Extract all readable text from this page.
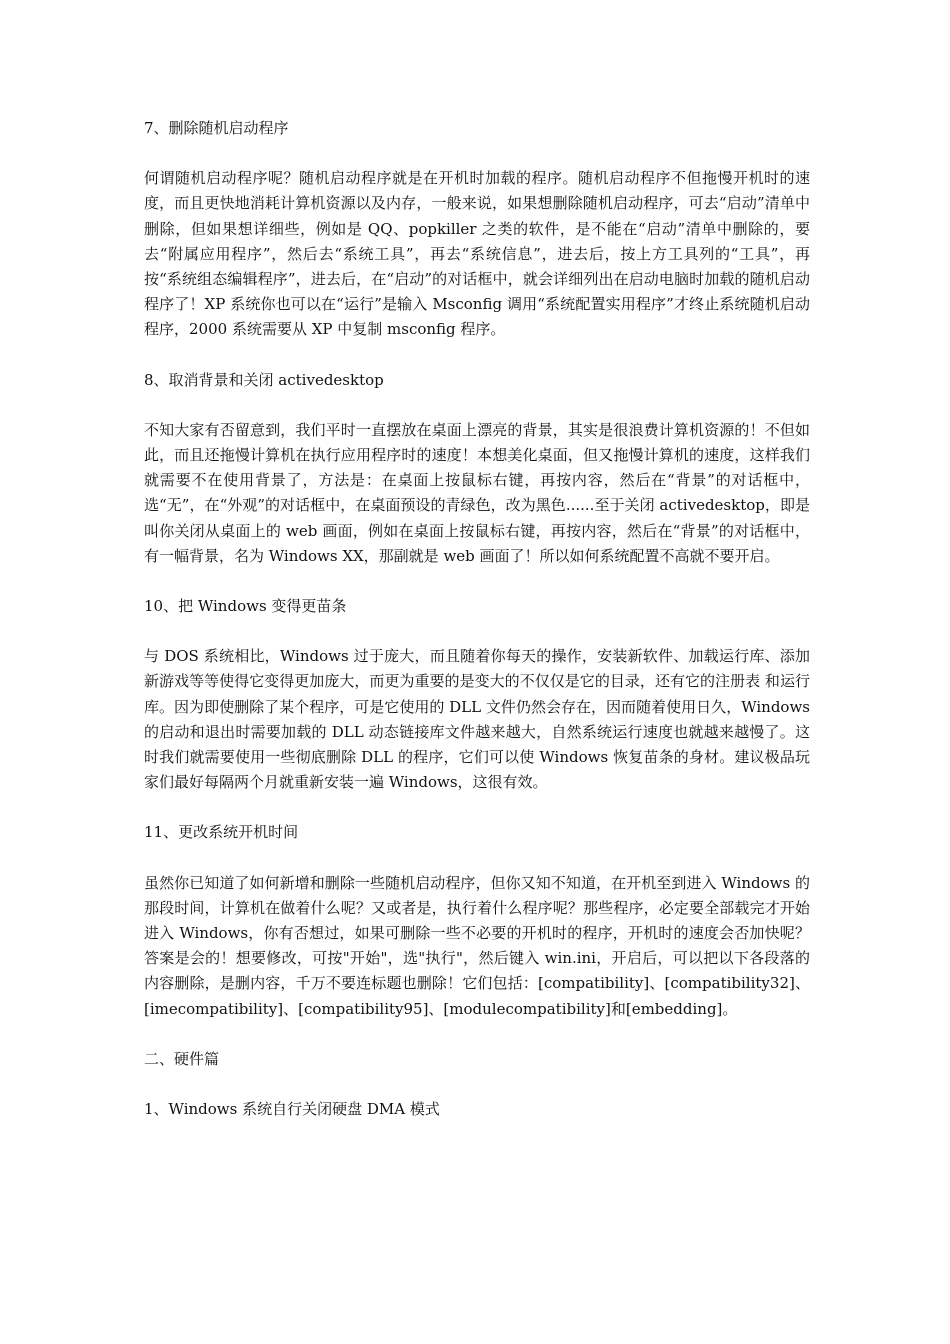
7、删除随机启动程序
何谓随机启动程序呢？随机启动程序就是在开机时加载的程序。随机启动程序不但拖慢开机时的速度，而且更快地消耗计算机资源以及内存，一般来说，如果想删除随机启动程序，可去“启动”清单中删除，但如果想详细些，例如是 QQ、popkiller 之类的软件，是不能在“启动”清单中删除的，要去“附属应用程序”，然后去“系统工具”，再去“系统信息”，进去后，按上方工具列的“工具”，再按“系统组态编辑程序”，进去后，在“启动”的对话框中，就会详细列出在启动电脑时加载的随机启动程序了！XP 系统你也可以在“运行”是输入 Msconfig 调用“系统配置实用程序”才终止系统随机启动程序，2000 系统需要从 XP 中复制 msconfig 程序。
8、取消背景和关闭 activedesktop
不知大家有否留意到，我们平时一直摆放在桌面上漂亮的背景，其实是很浪费计算机资源的！不但如此，而且还拖慢计算机在执行应用程序时的速度！本想美化桌面，但又拖慢计算机的速度，这样我们就需要不在使用背景了，方法是：在桌面上按鼠标右键，再按内容，然后在“背景”的对话框中，选“无”，在“外观”的对话框中，在桌面预设的青绿色，改为黑色......至于关闭 activedesktop，即是叫你关闭从桌面上的 web 画面，例如在桌面上按鼠标右键，再按内容，然后在“背景”的对话框中，有一幅背景，名为 Windows XX，那副就是 web 画面了！所以如何系统配置不高就不要开启。
10、把 Windows 变得更苗条
与 DOS 系统相比，Windows 过于庞大，而且随着你每天的操作，安装新软件、加载运行库、添加新游戏等等使得它变得更加庞大，而更为重要的是变大的不仅仅是它的目录，还有它的注册表 和运行库。因为即使删除了某个程序，可是它使用的 DLL 文件仍然会存在，因而随着使用日久，Windows 的启动和退出时需要加载的 DLL 动态链接库文件越来越大，自然系统运行速度也就越来越慢了。这时我们就需要使用一些彻底删除 DLL 的程序，它们可以使 Windows 恢复苗条的身材。建议极品玩家们最好每隔两个月就重新安装一遍 Windows，这很有效。
11、更改系统开机时间
虽然你已知道了如何新增和删除一些随机启动程序，但你又知不知道，在开机至到进入 Windows 的那段时间，计算机在做着什么呢？又或者是，执行着什么程序呢？那些程序，必定要全部载完才开始进入 Windows，你有否想过，如果可删除一些不必要的开机时的程序，开机时的速度会否加快呢？答案是会的！想要修改，可按"开始"，选"执行"，然后键入 win.ini，开启后，可以把以下各段落的内容删除，是删内容，千万不要连标题也删除！它们包括：[compatibility]、[compatibility32]、[imecompatibility]、[compatibility95]、[modulecompatibility]和[embedding]。
二、硬件篇
1、Windows 系统自行关闭硬盘 DMA 模式
